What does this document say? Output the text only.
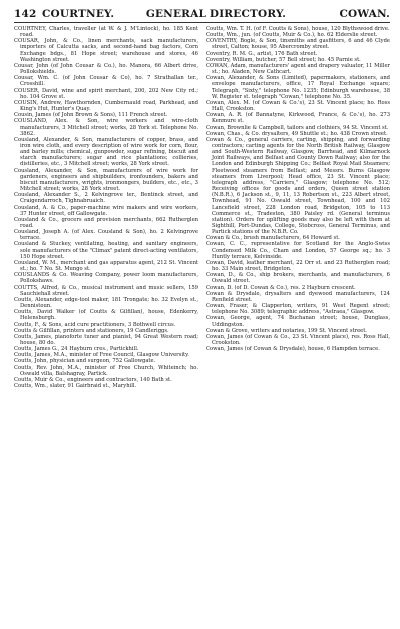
142 COURTNEY.	GENERAL DIRECTORY.	COWAN.

COURTNEY, Charles, traveller (at W. & J. M'Lintock), ho. 185 Kent road.

COUSAR, John, & Co., linen merchants, sack manufacturers, importers of Calcutta sacks, and second-hand bag factors, Corn Exchange bdgs., 81 Hope street; warehouse and stores, 46 Washington street.

Cousar, John (of John Cousar & Co.), ho. Manora, 66 Albert drive, Pollokshields.

Cousar, Wm. C. (of John Cousar & Co), ho. 7 Strathallan ter., Crosshill.

COUSER, David, wine and spirit merchant, 200, 202 New City rd.; ho. 104 Grove st.

COUSIN, Andrew, Hawthornden, Cumbernauld road, Parkhead, and King's Hut, Hunter's Quay.

Cousin, James (of John Brown & Sons), 111 French street.

COUSLAND, Alex. & Son, wire workers and wire-cloth manufacturers, 3 Mitchell street; works, 28 York st. Telephone No. 3862.

Cousland, Alexander, & Son, manufacturers of copper, brass, and iron wire cloth, and every description of wire work for corn, flour, and barley mills; chemical, gunpowder, sugar refining, biscuit and starch manufacturers; sugar and rice plantations; collieries, distilleries, etc., 3 Mitchell street; works, 28 York street.

Cousland, Alexander, & Son, manufacturers of wire work for gardeners, engineers and shipbuilders, ironfounders, bakers and biscuit manufacturers, wrights, ironmongers, builders, etc., etc., 3 Mitchell street; works, 28 York street.

Cousland, Alexander S., 2 Kelvingrove ter., Bentinck street, and Craigendarroch, Tighnabruaich.

Cousland, A. & Co., paper-machine wire makers and wire workers, 37 Hunter street, off Gallowgate.

Cousland & Co., grocers and provision merchants, 662 Rutherglen road.

Cousland, Joseph A. (of Alex. Cousland & Son), ho. 2 Kelvingrove terrace.

Cousland & Stuckey, ventilating, heating, and sanitary engineers, sole manufacturers of the "Climax" patent direct-acting ventilators, 150 Hope street.

Cousland, W. M., merchant and gas apparatus agent, 212 St. Vincent st.; ho. 7 No. St. Mungo st.

COUSLANDS & Co. Weaving Company, power loom manufacturers, Pollokshaws.

COUTTS, Alfred, & Co., musical instrument and music sellers, 159 Sauchiehall street.

Coutts, Alexander, edge-tool maker, 181 Trongate; ho. 32 Evelyn st., Dennistoun.

Coutts, David Walker (of Coutts & Gilfillan), house, Edenkerry, Helensburgh.

Coutts, F., & Sons, acid cure practitioners, 3 Bothwell circus.

Coutts & Gilfillan, printers and stationers, 19 Candleriggs.

Coutts, James, pianoforte tuner and pianist, 94 Great Western road; house, 80 do.

Coutts, James G., 24 Hayburn cres., Partickhill.

Coutts, James, M.A., minister of Free Council, Glasgow University.

Coutts, John, physician and surgeon, 752 Gallowgate.

Coutts, Rev. John, M.A., minister of Free Church, Whiteinch; ho. Oswald villa, Balshagray, Partick.

Coutts, Muir & Co., engineers and contractors, 140 Bath st.

Coutts, Wm., slater, 91 Gairbraid st., Maryhill.

Coutts, Wm. T. H. (of F. Coutts & Sons), house, 120 Blythswood drive.

Coutts, Wm., jun. (of Coutts, Muir & Co.), ho. 62 Elderslie street.

COVENTRY, Bogle, & Son, tinsmiths and gasfitters, 6 and 46 Clyde street, Calton; house, 95 Abercromby street.

Coventry, R. M. G., artist, 176 Bath street.

Coventry, William, butcher, 57 Bell street; ho. 45 Parnie st.

COWAN, Adam, manufacturers' agent and drapery valuator, 11 Miller st.; ho. Aladen, New Cathcart.

Cowan, Alexander, & Sons (Limited), papermakers, stationers, and envelope manufacturers, office, 17 Royal Exchange square; Telegraph, "Sixty," telephone No. 1235; Edinburgh warehouse, 38 W. Register st. telegraph "Cowan," telephone No. 35.

Cowan, Alex. M. (of Cowan & Co.'s), 23 St. Vincent place; ho. Ross Hall, Crookston.

Cowan, A. R. (of Bannatyne, Kirkwood, France, & Co.'s), ho. 273 Kenmure st.

Cowan, Brownlie & Campbell, tailors and clothiers, 94 St. Vincent st.

Cowan, Chas., & Co. drysalters, 49 Shuttle st.; ho. 438 Crown street.

Cowan & Co., general carriers, carting, shipping, and forwarding contractors; carting agents for the North British Railway, Glasgow and South-Western Railway, Glasgow, Barrhead, and Kilmarnock Joint Railways, and Belfast and County Down Railway; also for the London and Edinburgh Shipping Co.; Belfast Royal Mail Steamers; Fleetwood steamers from Belfast; and Messrs. Burns Glasgow steamers from Liverpool; Head office, 23 St. Vincent place; telegraph address, "Carriers," Glasgow; telephone No. 512; Receiving offices for goods and orders, Queen street station (N.B.R.), 6 Jackson st., 9, 11, 13 Robertson st., 223 Albert street, Townhead, 91 No. Oswald street, Townhead, 100 and 102 Lancefield street, 228 London road, Bridgeton, 105 to 113 Commerce st., Tradeston, 380 Paisley rd. (General terminus station). Orders for uplifting goods may also be left with them at Sighthill, Port-Dundas, College, Stobcross, General Terminus, and Partick stations of the N.B.R. Co.

Cowan & Co., brush manufacturers, 64 Howard st.

Cowan, C. C., representative for Scotland for the Anglo-Swiss Condensed Milk Co., Cham and London, 57 George sq.; ho. 3 Huntly terrace, Kelvinside.

Cowan, David, leather merchant, 22 Orr st. and 23 Rutherglen road; ho. 33 Main street, Bridgeton.

Cowan, D., & Co., ship brokers, merchants, and manufacturers, 6 Oswald street.

Cowan, D. (of D. Cowan & Co.), res. 2 Hayburn crescent.

Cowan & Drysdale, drysalters and dyewood manufacturers, 124 Renfield street.

Cowan, Fraser, & Clapperton, writers, 91 West Regent street; telephone No. 3089; telegraphic address, "Astraea," Glasgow.

Cowan, George, agent, 74 Buchanan street; house, Dunglass, Uddingston.

Cowan & Grove, writers and notaries, 199 St. Vincent street.

Cowan, James (of Cowan & Co., 23 St. Vincent place), res. Ross Hall, Crookston.

Cowan, James (of Cowan & Drysdale), house, 6 Hampden terrace.
